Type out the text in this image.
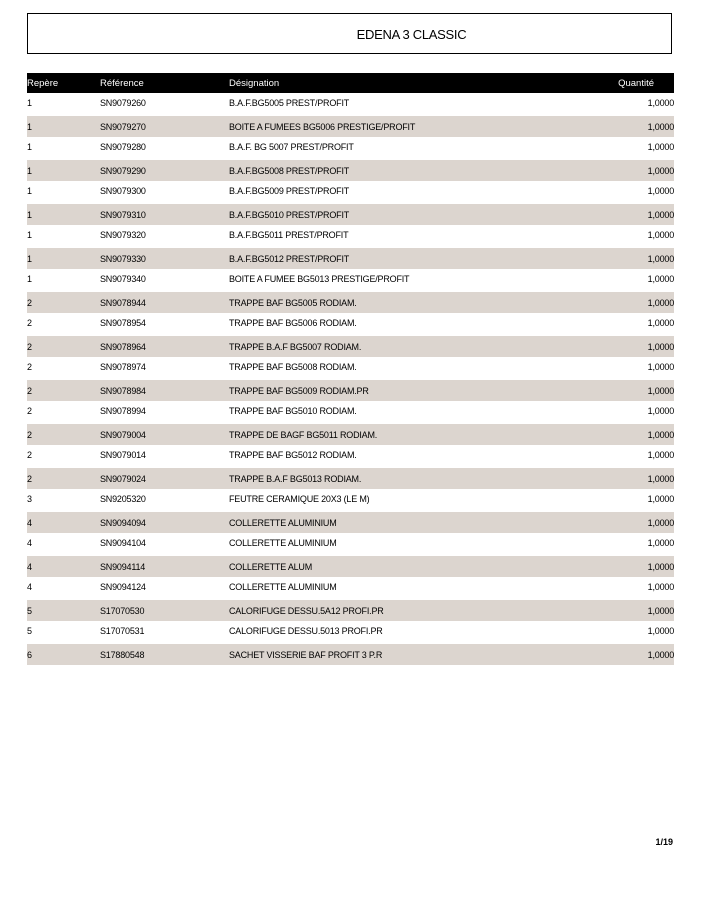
EDENA 3 CLASSIC
Repère	Référence	Désignation	Quantité
1	SN9079260	B.A.F.BG5005 PREST/PROFIT	1,0000
1	SN9079270	BOITE A FUMEES BG5006 PRESTIGE/PROFIT	1,0000
1	SN9079280	B.A.F. BG 5007 PREST/PROFIT	1,0000
1	SN9079290	B.A.F.BG5008 PREST/PROFIT	1,0000
1	SN9079300	B.A.F.BG5009 PREST/PROFIT	1,0000
1	SN9079310	B.A.F.BG5010 PREST/PROFIT	1,0000
1	SN9079320	B.A.F.BG5011 PREST/PROFIT	1,0000
1	SN9079330	B.A.F.BG5012 PREST/PROFIT	1,0000
1	SN9079340	BOITE A FUMEE BG5013 PRESTIGE/PROFIT	1,0000
2	SN9078944	TRAPPE BAF BG5005 RODIAM.	1,0000
2	SN9078954	TRAPPE BAF BG5006 RODIAM.	1,0000
2	SN9078964	TRAPPE B.A.F BG5007 RODIAM.	1,0000
2	SN9078974	TRAPPE BAF BG5008 RODIAM.	1,0000
2	SN9078984	TRAPPE BAF BG5009 RODIAM.PR	1,0000
2	SN9078994	TRAPPE BAF BG5010 RODIAM.	1,0000
2	SN9079004	TRAPPE DE BAGF BG5011 RODIAM.	1,0000
2	SN9079014	TRAPPE BAF BG5012 RODIAM.	1,0000
2	SN9079024	TRAPPE B.A.F BG5013 RODIAM.	1,0000
3	SN9205320	FEUTRE CERAMIQUE 20X3 (LE M)	1,0000
4	SN9094094	COLLERETTE ALUMINIUM	1,0000
4	SN9094104	COLLERETTE ALUMINIUM	1,0000
4	SN9094114	COLLERETTE ALUM	1,0000
4	SN9094124	COLLERETTE ALUMINIUM	1,0000
5	S17070530	CALORIFUGE DESSU.5A12 PROFI.PR	1,0000
5	S17070531	CALORIFUGE DESSU.5013 PROFI.PR	1,0000
6	S17880548	SACHET VISSERIE BAF PROFIT 3 P.R	1,0000
1/19
